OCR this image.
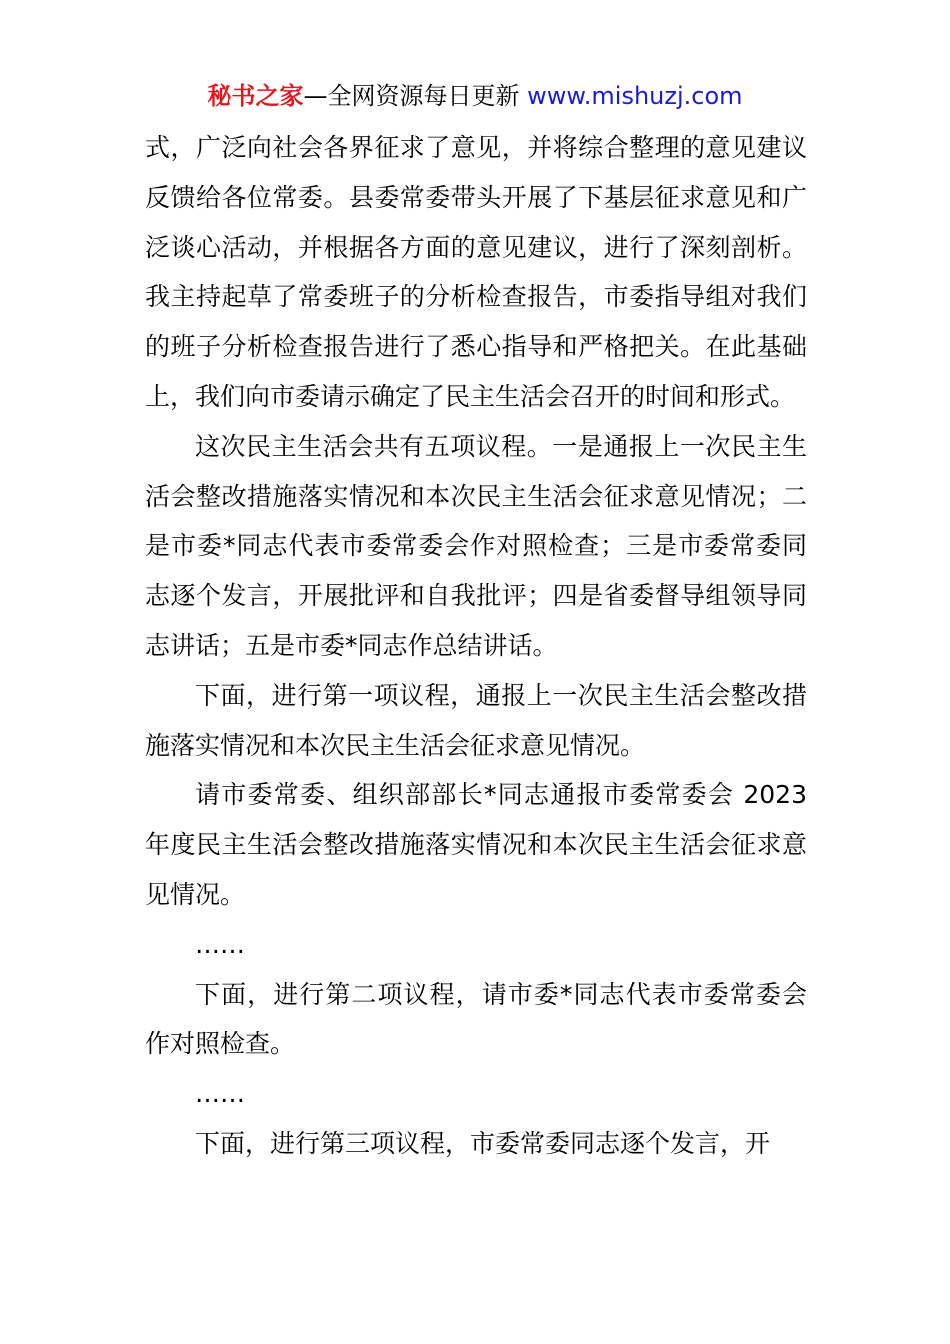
秘书之家—全网资源每日更新 www.mishuzj.com

式，广泛向社会各界征求了意见，并将综合整理的意见建议反馈给各位常委。县委常委带头开展了下基层征求意见和广泛谈心活动，并根据各方面的意见建议，进行了深刻剖析。我主持起草了常委班子的分析检查报告，市委指导组对我们的班子分析检查报告进行了悉心指导和严格把关。在此基础上，我们向市委请示确定了民主生活会召开的时间和形式。

这次民主生活会共有五项议程。一是通报上一次民主生活会整改措施落实情况和本次民主生活会征求意见情况；二是市委*同志代表市委常委会作对照检查；三是市委常委同志逐个发言，开展批评和自我批评；四是省委督导组领导同志讲话；五是市委*同志作总结讲话。

下面，进行第一项议程，通报上一次民主生活会整改措施落实情况和本次民主生活会征求意见情况。

请市委常委、组织部部长*同志通报市委常委会 2023 年度民主生活会整改措施落实情况和本次民主生活会征求意见情况。

……

下面，进行第二项议程，请市委*同志代表市委常委会作对照检查。

……

下面，进行第三项议程，市委常委同志逐个发言，开
